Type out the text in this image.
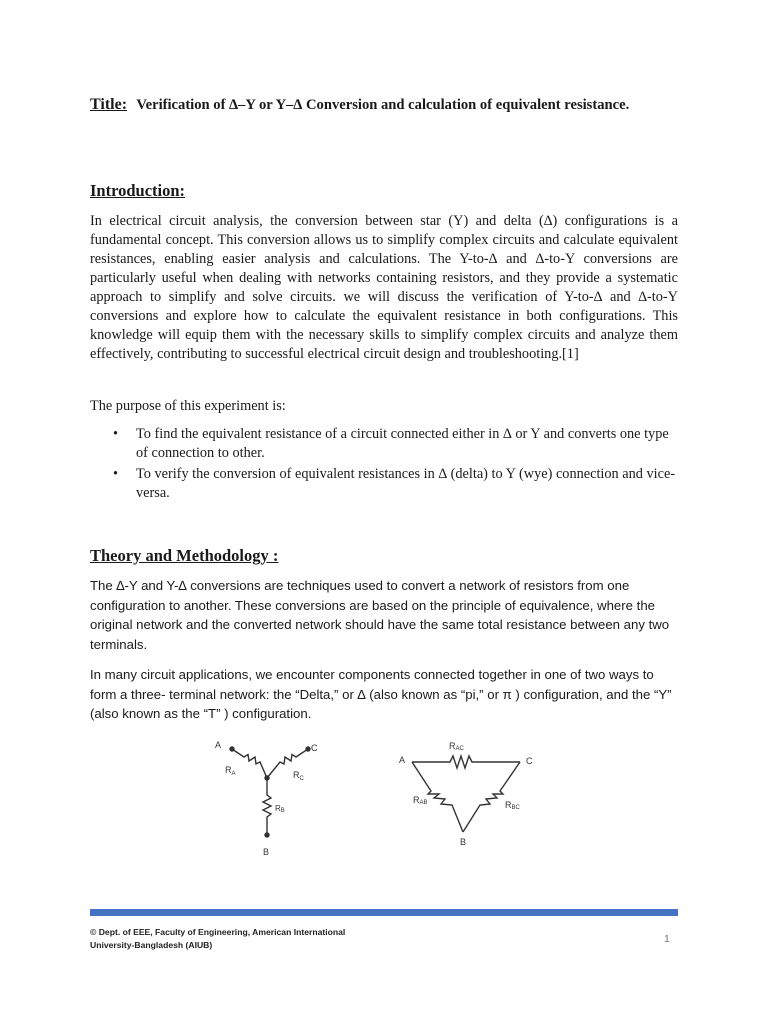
Title: Verification of ∆–Y or Y–∆ Conversion and calculation of equivalent resistance.
Introduction:

In electrical circuit analysis, the conversion between star (Y) and delta (∆) configurations is a fundamental concept. This conversion allows us to simplify complex circuits and calculate equivalent resistances, enabling easier analysis and calculations. The Y-to-∆ and ∆-to-Y conversions are particularly useful when dealing with networks containing resistors, and they provide a systematic approach to simplify and solve circuits. we will discuss the verification of Y-to-∆ and ∆-to-Y conversions and explore how to calculate the equivalent resistance in both configurations. This knowledge will equip them with the necessary skills to simplify complex circuits and analyze them effectively, contributing to successful electrical circuit design and troubleshooting.[1]

The purpose of this experiment is:

• To find the equivalent resistance of a circuit connected either in ∆ or Y and converts one type of connection to other.
• To verify the conversion of equivalent resistances in ∆ (delta) to Y (wye) connection and vice-versa.
Theory and Methodology :

The ∆-Y and Y-∆ conversions are techniques used to convert a network of resistors from one configuration to another. These conversions are based on the principle of equivalence, where the original network and the converted network should have the same total resistance between any two terminals.

In many circuit applications, we encounter components connected together in one of two ways to form a three- terminal network: the “Delta,” or ∆ (also known as “pi,” or π ) configuration, and the “Y” (also known as the “T” ) configuration.

A	C
B
$R_A$	$R_C$
RB
A	C
B
RAC
RAB	RBC
© Dept. of EEE, Faculty of Engineering, American International
University-Bangladesh (AIUB)	1
